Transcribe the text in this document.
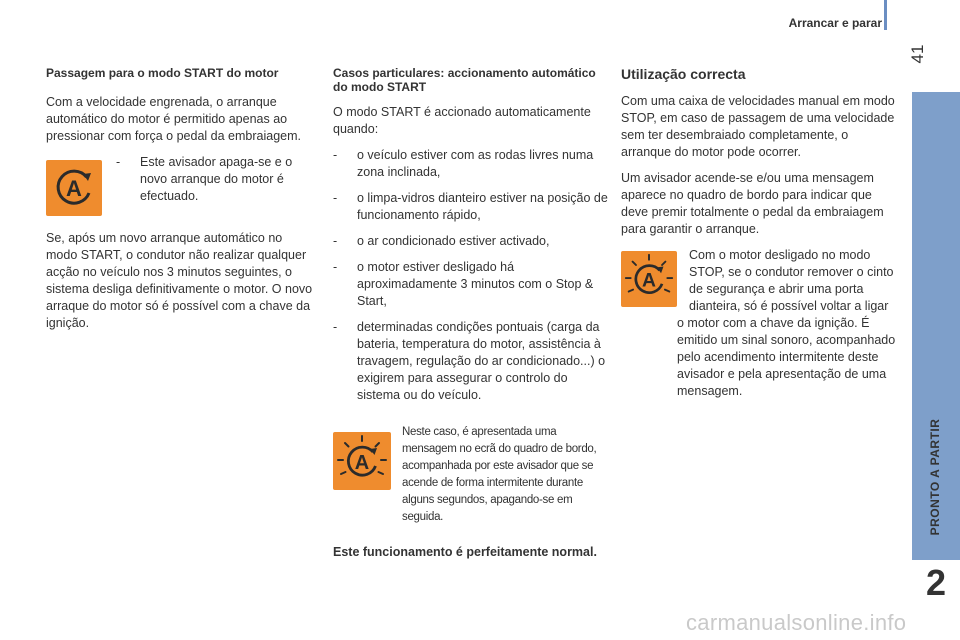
Arrancar e parar
41
PRONTO A PARTIR
2
Passagem para o modo START do motor

Com a velocidade engrenada, o arranque automático do motor é permitido apenas ao pressionar com força o pedal da embraiagem.

A
-	Este avisador apaga-se e o novo arranque do motor é efectuado.

Se, após um novo arranque automático no modo START, o condutor não realizar qualquer acção no veículo nos 3 minutos seguintes, o sistema desliga definitivamente o motor. O novo arraque do motor só é possível com a chave da ignição.

Casos particulares: accionamento automático do modo START

O modo START é accionado automaticamente quando:

-	o veículo estiver com as rodas livres numa zona inclinada,
-	o limpa-vidros dianteiro estiver na posição de funcionamento rápido,
-	o ar condicionado estiver activado,
-	o motor estiver desligado há aproximadamente 3 minutos com o Stop & Start,
-	determinadas condições pontuais (carga da bateria, temperatura do motor, assistência à travagem, regulação do ar condicionado...) o exigirem para assegurar o controlo do sistema ou do veículo.
A
Neste caso, é apresentada uma mensagem no ecrã do quadro de bordo, acompanhada por este avisador que se acende de forma intermitente durante alguns segundos, apagando-se em seguida.
Este funcionamento é perfeitamente normal.
Utilização correcta

Com uma caixa de velocidades manual em modo STOP, em caso de passagem de uma velocidade sem ter desembraiado completamente, o arranque do motor pode ocorrer.

Um avisador acende-se e/ou uma mensagem aparece no quadro de bordo para indicar que deve premir totalmente o pedal da embraiagem para garantir o arranque.

A

Com o motor desligado no modo STOP, se o condutor remover o cinto de segurança e abrir uma porta dianteira, só é possível voltar a ligar o motor com a chave da ignição. É emitido um sinal sonoro, acompanhado pelo acendimento intermitente deste avisador e pela apresentação de uma mensagem.

carmanualsonline.info
